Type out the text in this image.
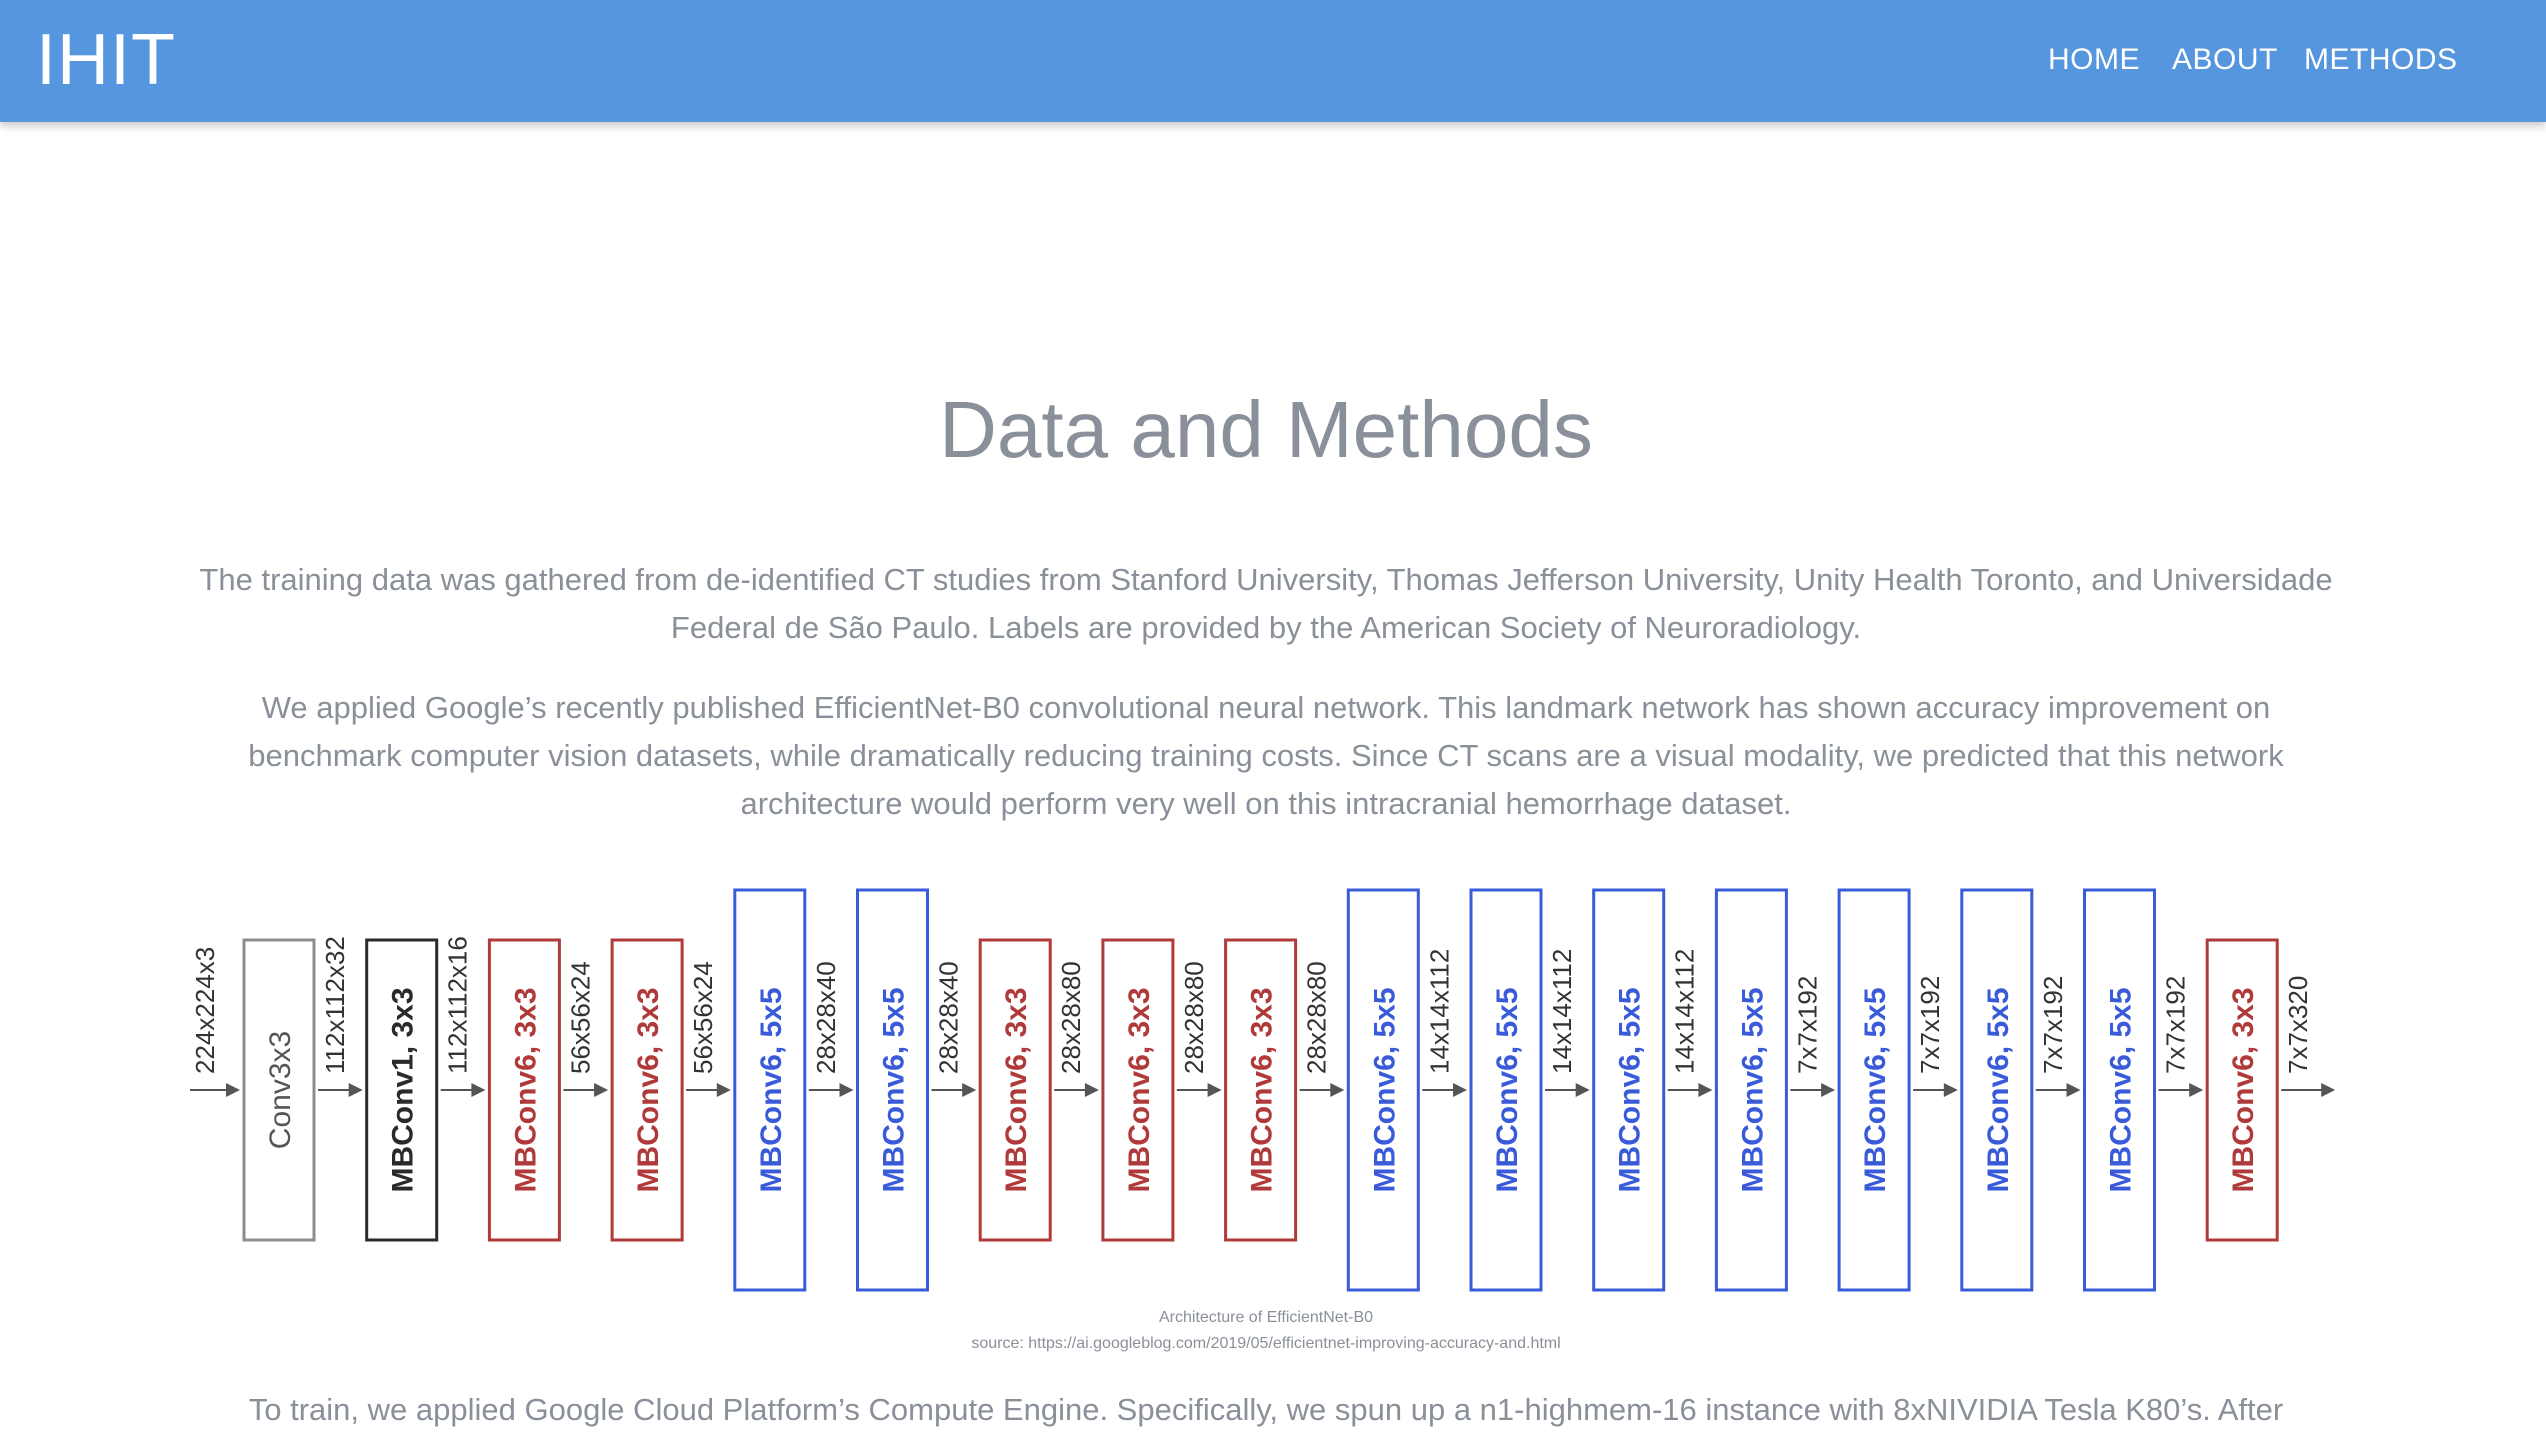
IHIT	HOME ABOUT METHODS
Data and Methods

The training data was gathered from de-identified CT studies from Stanford University, Thomas Jefferson University, Unity Health Toronto, and Universidade Federal de São Paulo. Labels are provided by the American Society of Neuroradiology.

We applied Google’s recently published EfficientNet-B0 convolutional neural network. This landmark network has shown accuracy improvement on benchmark computer vision datasets, while dramatically reducing training costs. Since CT scans are a visual modality, we predicted that this network architecture would perform very well on this intracranial hemorrhage dataset.

224x224x3
Conv3x3
112x112x32 MBConv1, 3x3 112x112x16 MBConv6, 3x3 56x56x24 MBConv6, 3x3 56x56x24 MBConv6, 5x5 28x28x40 MBConv6, 5x5 28x28x40 MBConv6, 3x3 28x28x80 MBConv6, 3x3 28x28x80 MBConv6, 3x3 28x28x80 MBConv6, 5x5 14x14x112 MBConv6, 5x5 14x14x112 MBConv6, 5x5 14x14x112 MBConv6, 5x5 7x7x192 MBConv6, 5x5 7x7x192 MBConv6, 5x5 7x7x192 MBConv6, 5x5 7x7x192 MBConv6, 3x3 7x7x320
Architecture of EfficientNet-B0
source: https://ai.googleblog.com/2019/05/efficientnet-improving-accuracy-and.html

To train, we applied Google Cloud Platform’s Compute Engine. Specifically, we spun up a n1-highmem-16 instance with 8xNIVIDIA Tesla K80’s. After
